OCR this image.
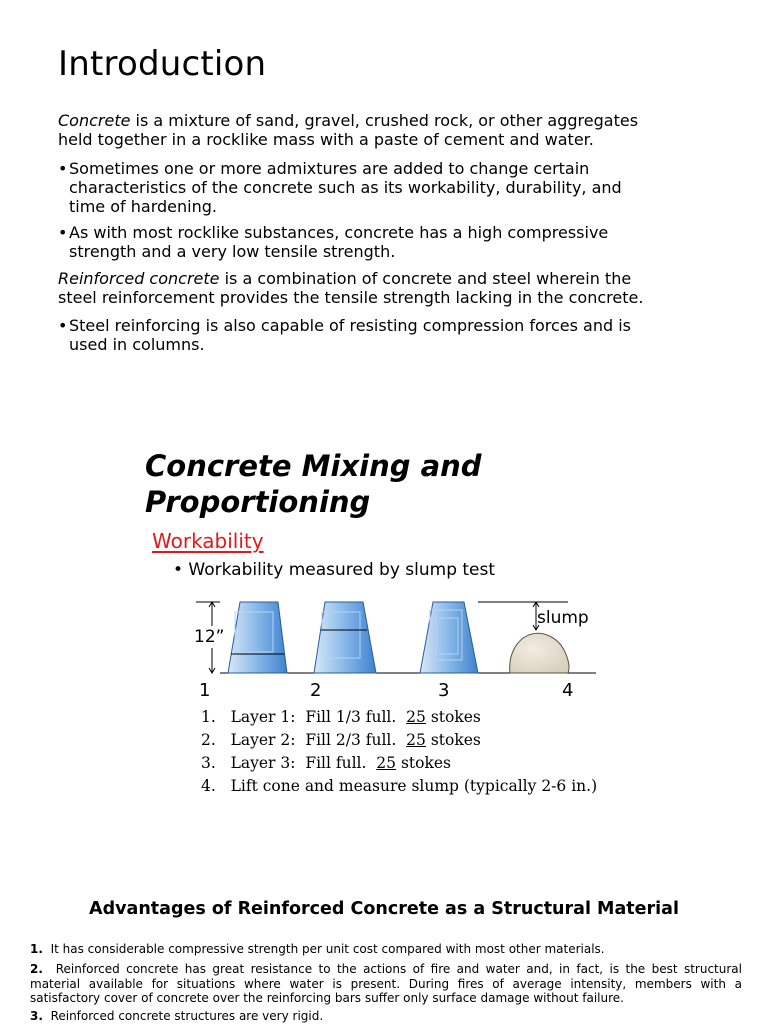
Introduction

Concrete is a mixture of sand, gravel, crushed rock, or other aggregates
held together in a rocklike mass with a paste of cement and water.

• Sometimes one or more admixtures are added to change certain
characteristics of the concrete such as its workability, durability, and
time of hardening.
• As with most rocklike substances, concrete has a high compressive
strength and a very low tensile strength.

Reinforced concrete is a combination of concrete and steel wherein the
steel reinforcement provides the tensile strength lacking in the concrete.

• Steel reinforcing is also capable of resisting compression forces and is
used in columns.
Concrete Mixing and
Proportioning
Workability
• Workability measured by slump test
12”
slump
1	2	3	4
1. Layer 1:  Fill 1/3 full.  25 stokes
2. Layer 2:  Fill 2/3 full.  25 stokes
3. Layer 3:  Fill full.  25 stokes
4. Lift cone and measure slump (typically 2-6 in.)
Advantages of Reinforced Concrete as a Structural Material

1. It has considerable compressive strength per unit cost compared with most other materials.

2. Reinforced concrete has great resistance to the actions of fire and water and, in fact, is the best structural material available for situations where water is present. During fires of average intensity, members with a satisfactory cover of concrete over the reinforcing bars suffer only surface damage without failure.

3. Reinforced concrete structures are very rigid.
